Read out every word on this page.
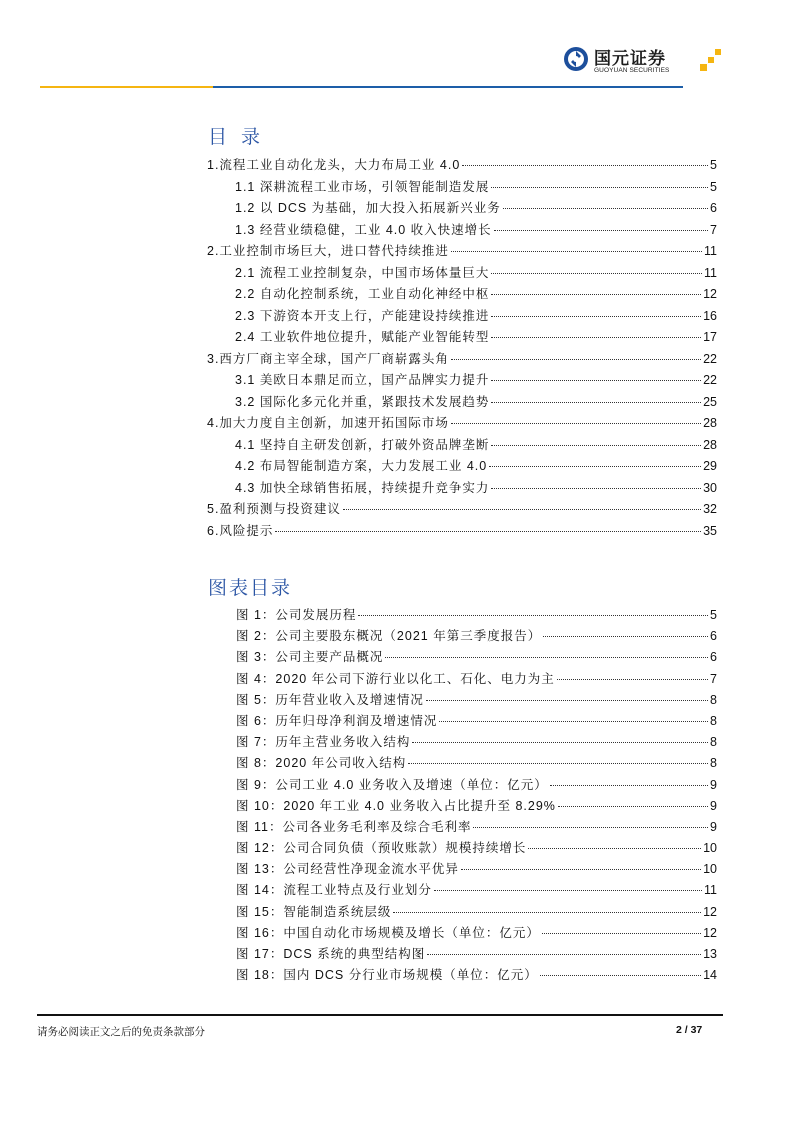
国元证券
GUOYUAN SECURITIES
目录
1.流程工业自动化龙头，大力布局工业 4.0	5
1.1 深耕流程工业市场，引领智能制造发展	5
1.2 以 DCS 为基础，加大投入拓展新兴业务	6
1.3 经营业绩稳健，工业 4.0 收入快速增长	7
2.工业控制市场巨大，进口替代持续推进	11
2.1 流程工业控制复杂，中国市场体量巨大	11
2.2 自动化控制系统，工业自动化神经中枢	12
2.3 下游资本开支上行，产能建设持续推进	16
2.4 工业软件地位提升，赋能产业智能转型	17
3.西方厂商主宰全球，国产厂商崭露头角	22
3.1 美欧日本鼎足而立，国产品牌实力提升	22
3.2 国际化多元化并重，紧跟技术发展趋势	25
4.加大力度自主创新，加速开拓国际市场	28
4.1 坚持自主研发创新，打破外资品牌垄断	28
4.2 布局智能制造方案，大力发展工业 4.0	29
4.3 加快全球销售拓展，持续提升竞争实力	30
5.盈利预测与投资建议	32
6.风险提示	35
图表目录
图 1：公司发展历程	5
图 2：公司主要股东概况（2021 年第三季度报告）	6
图 3：公司主要产品概况	6
图 4：2020 年公司下游行业以化工、石化、电力为主	7
图 5：历年营业收入及增速情况	8
图 6：历年归母净利润及增速情况	8
图 7：历年主营业务收入结构	8
图 8：2020 年公司收入结构	8
图 9：公司工业 4.0 业务收入及增速（单位：亿元）	9
图 10：2020 年工业 4.0 业务收入占比提升至 8.29%	9
图 11：公司各业务毛利率及综合毛利率	9
图 12：公司合同负债（预收账款）规模持续增长	10
图 13：公司经营性净现金流水平优异	10
图 14：流程工业特点及行业划分	11
图 15：智能制造系统层级	12
图 16：中国自动化市场规模及增长（单位：亿元）	12
图 17：DCS 系统的典型结构图	13
图 18：国内 DCS 分行业市场规模（单位：亿元）	14
请务必阅读正文之后的免责条款部分	2 / 37
